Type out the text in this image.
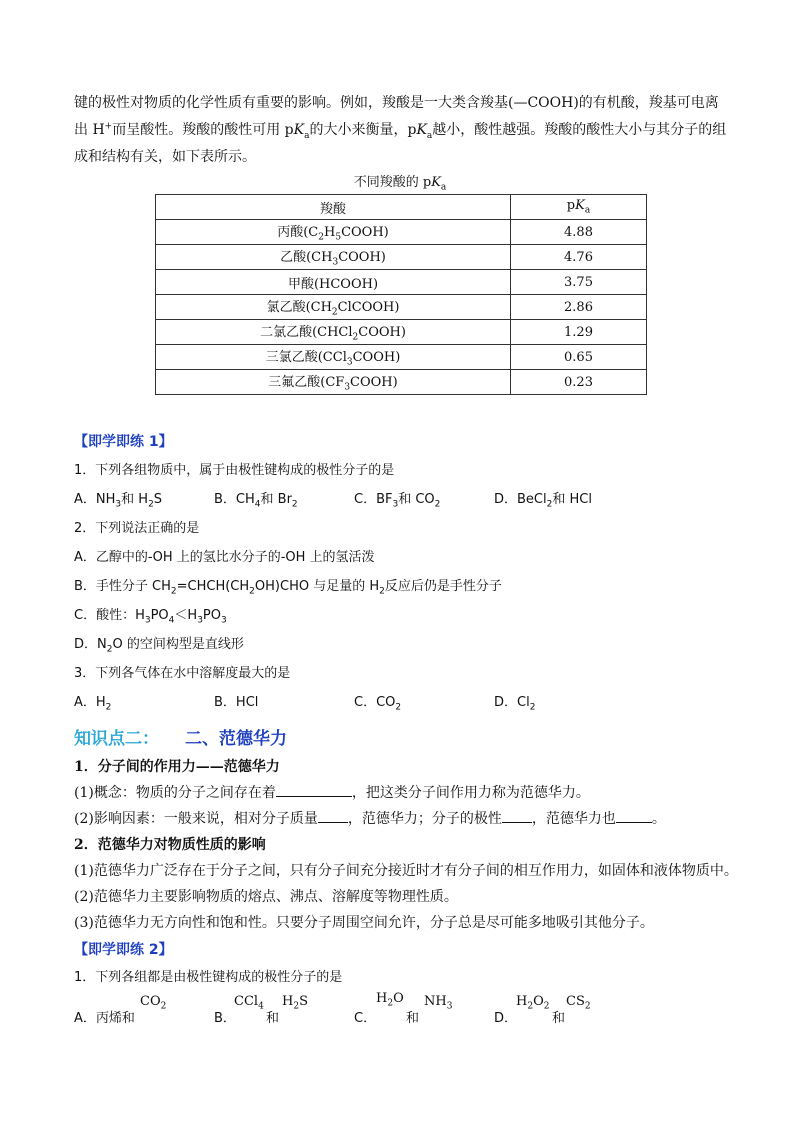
键的极性对物质的化学性质有重要的影响。例如，羧酸是一大类含羧基(—COOH)的有机酸，羧基可电离
出 H+而呈酸性。羧酸的酸性可用 $pK_a$的大小来衡量，$pK_a$越小，酸性越强。羧酸的酸性大小与其分子的组
成和结构有关，如下表所示。
不同羧酸的 $pK_a$
羧酸	$pK_a$
丙酸$(C_2H_5COOH)$	4.88
乙酸$(CH_3COOH)$	4.76
甲酸(HCOOH)	3.75
氯乙酸$(CH_2ClCOOH)$	2.86
二氯乙酸(CHCl$_2$COOH)	1.29
三氯乙酸(CCl$_3$COOH)	0.65
三氟乙酸$(CF_3COOH)$	0.23
【即学即练 1】
1．下列各组物质中，属于由极性键构成的极性分子的是
A．$NH_3$和 $H_2S$	B．$CH_4$和 $Br_2$	C．$BF_3$和 $CO_2$	D．BeCl$_2$和 HCl
2．下列说法正确的是
A．乙醇中的-OH 上的氢比水分子的-OH 上的氢活泼
B．手性分子 $CH_2=CHCH(CH_2OH)CHO$ 与足量的 $H_2$反应后仍是手性分子
C．酸性：$H_3PO_4<H_3PO_3$
D．$N_2O$ 的空间构型是直线形
3．下列各气体在水中溶解度最大的是
A．$H_2$	B．HCl	C．$CO_2$	D．$Cl_2$
知识点二： 二、范德华力
1．分子间的作用力——范德华力
(1)概念：物质的分子之间存在着	，把这类分子间作用力称为范德华力。
(2)影响因素：一般来说，相对分子质量 ，范德华力；分子的极性 ，范德华力也	。
2．范德华力对物质性质的影响
(1)范德华力广泛存在于分子之间，只有分子间充分接近时才有分子间的相互作用力，如固体和液体物质中。
(2)范德华力主要影响物质的熔点、沸点、溶解度等物理性质。
(3)范德华力无方向性和饱和性。只要分子周围空间允许，分子总是尽可能多地吸引其他分子。
【即学即练 2】
1．下列各组都是由极性键构成的极性分子的是
A．丙烯和
$CO_2$
B．
CCl$_4$
和
$H_2S$
C．
$H_2O$
和
$NH_3$
D．
$H_2O_2$
和
$CS_2$
